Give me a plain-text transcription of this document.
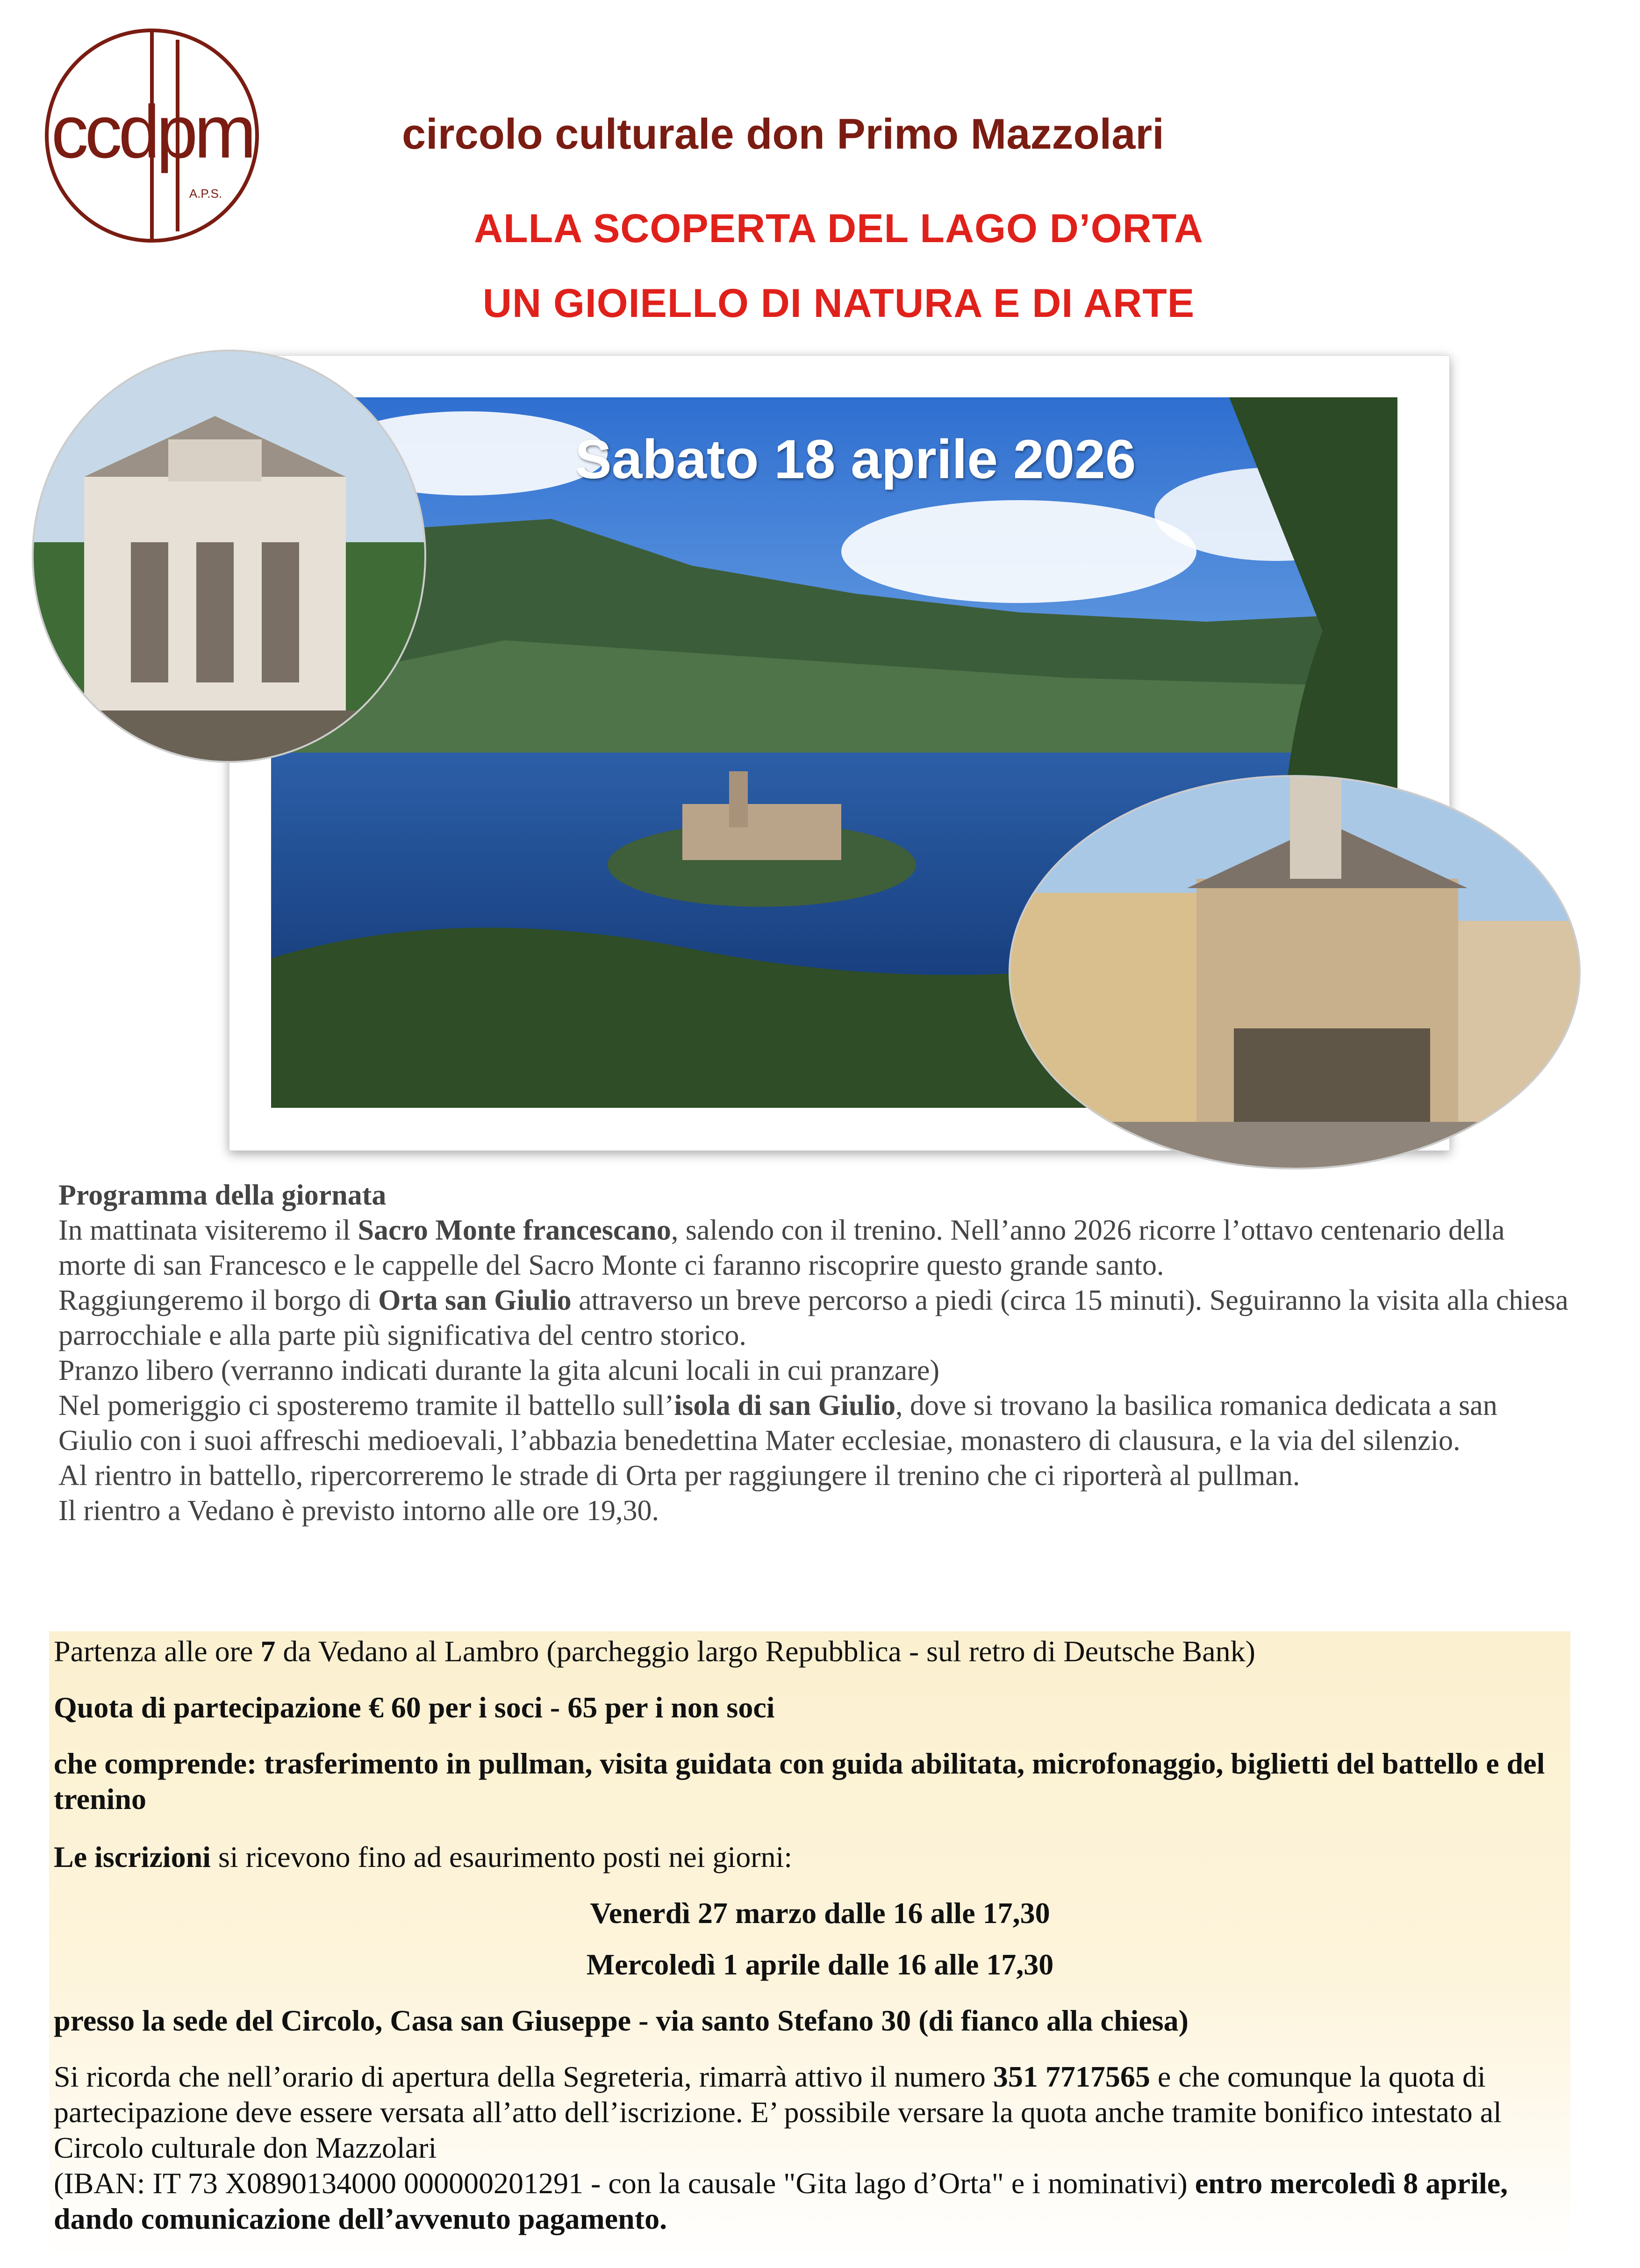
ccdpm
A.P.S.
circolo culturale don Primo Mazzolari
ALLA SCOPERTA DEL LAGO D’ORTA
UN GIOIELLO DI NATURA E DI ARTE
Sabato 18 aprile 2026

Programma della giornata

In mattinata visiteremo il Sacro Monte francescano, salendo con il trenino. Nell’anno 2026 ricorre l’ottavo centenario della morte di san Francesco e le cappelle del Sacro Monte ci faranno riscoprire questo grande santo.

Raggiungeremo il borgo di Orta san Giulio attraverso un breve percorso a piedi (circa 15 minuti). Seguiranno la visita alla chiesa parrocchiale e alla parte più significativa del centro storico.

Pranzo libero (verranno indicati durante la gita alcuni locali in cui pranzare)

Nel pomeriggio ci sposteremo tramite il battello sull’isola di san Giulio, dove si trovano la basilica romanica dedicata a san Giulio con i suoi affreschi medioevali, l’abbazia benedettina Mater ecclesiae, monastero di clausura, e la via del silenzio.

Al rientro in battello, ripercorreremo le strade di Orta per raggiungere il trenino che ci riporterà al pullman.

Il rientro a Vedano è previsto intorno alle ore 19,30.

Partenza alle ore 7 da Vedano al Lambro (parcheggio largo Repubblica - sul retro di Deutsche Bank)
Quota di partecipazione € 60 per i soci - 65 per i non soci
che comprende: trasferimento in pullman, visita guidata con guida abilitata, microfonaggio, biglietti del battello e del trenino
Le iscrizioni si ricevono fino ad esaurimento posti nei giorni:
Venerdì 27 marzo dalle 16 alle 17,30
Mercoledì 1 aprile dalle 16 alle 17,30
presso la sede del Circolo, Casa san Giuseppe - via santo Stefano 30 (di fianco alla chiesa)
Si ricorda che nell’orario di apertura della Segreteria, rimarrà attivo il numero 351 7717565 e che comunque la quota di partecipazione deve essere versata all’atto dell’iscrizione. E’ possibile versare la quota anche tramite bonifico intestato al Circolo culturale don Mazzolari
(IBAN: IT 73 X0890134000 000000201291 - con la causale "Gita lago d’Orta" e i nominativi) entro mercoledì 8 aprile, dando comunicazione dell’avvenuto pagamento.
